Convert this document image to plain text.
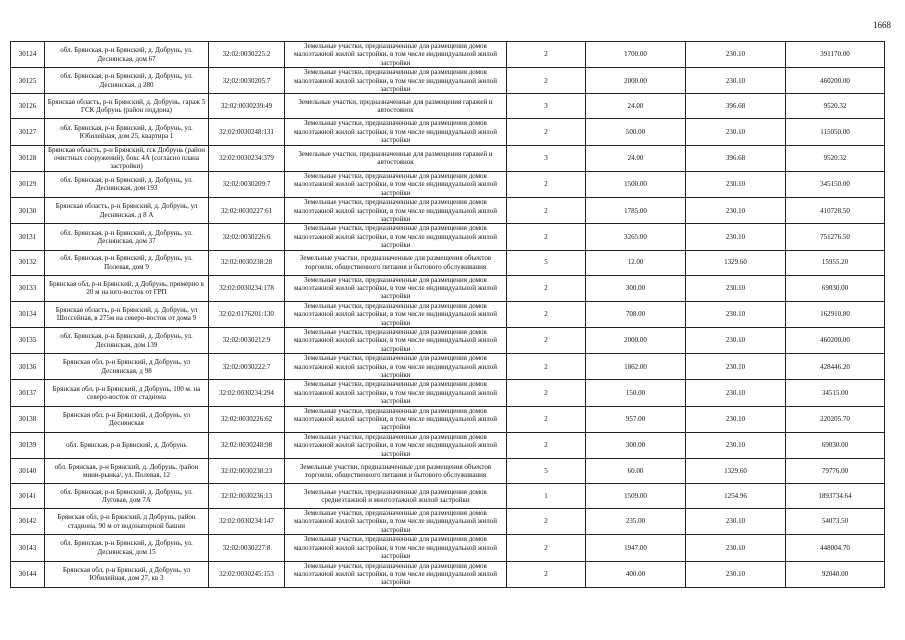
1668
30124	обл. Брянская, р-н Брянский, д. Добрунь, ул. Деснянская, дом 67	32:02:0030225:2	Земельные участки, предназначенные для размещения домов малоэтажной жилой застройки, в том числе индивидуальной жилой застройки	2	1700.00	230.10	391170.00
30125	обл. Брянская, р-н Брянский, д. Добрунь, ул. Деснянская, д 280	32:02:0030205:7	Земельные участки, предназначенные для размещения домов малоэтажной жилой застройки, в том числе индивидуальной жилой застройки	2	2000.00	230.10	460200.00
30126	Брянская область, р-н Брянский, д. Добрунь, гараж 5 ГСК Добрунь (район поддона)	32:02:0030239:49	Земельные участки, предназначенные для размещения гаражей и автостоянок	3	24.00	396.68	9520.32
30127	обл. Брянская, р-н Брянский, д. Добрунь, ул. Юбилейная, дом 25, квартира 1	32:02:0030248:131	Земельные участки, предназначенные для размещения домов малоэтажной жилой застройки, в том числе индивидуальной жилой застройки	2	500.00	230.10	115050.00
30128	Брянская область, р-н Брянский, гск Добрунь (район очистных сооружений), бокс 4А (согласно плана застройки)	32:02:0030234:379	Земельные участки, предназначенные для размещения гаражей и автостоянок	3	24.00	396.68	9520.32
30129	обл. Брянская, р-н Брянский, д. Добрунь, ул. Деснянская, дом 193	32:02:0030209:7	Земельные участки, предназначенные для размещения домов малоэтажной жилой застройки, в том числе индивидуальной жилой застройки	2	1500.00	230.10	345150.00
30130	Брянская область, р-н Брянский, д. Добрунь, ул Деснянская, д 8 А	32:02:0030227:61	Земельные участки, предназначенные для размещения домов малоэтажной жилой застройки, в том числе индивидуальной жилой застройки	2	1785.00	230.10	410728.50
30131	обл. Брянская, р-н Брянский, д. Добрунь, ул. Деснянская, дом 37	32:02:0030226:6	Земельные участки, предназначенные для размещения домов малоэтажной жилой застройки, в том числе индивидуальной жилой застройки	2	3265.00	230.10	751276.50
30132	обл. Брянская, р-н Брянский, д. Добрунь, ул. Полевая, дом 9	32:02:0030238:28	Земельные участки, предназначенные для размещения объектов торговли, общественного питания и бытового обслуживания	5	12.00	1329.60	15955.20
30133	Брянская обл, р-н Брянский, д Добрунь, примерно в 20 м на юго-восток от ГРП	32:02:0030234:178	Земельные участки, предназначенные для размещения домов малоэтажной жилой застройки, в том числе индивидуальной жилой застройки	2	300.00	230.10	69030.00
30134	Брянская область, р-н Брянский, д. Добрунь, ул Шоссейная, в 275м на северо-восток от дома 9	32:02:0176201:130	Земельные участки, предназначенные для размещения домов малоэтажной жилой застройки, в том числе индивидуальной жилой застройки	2	708.00	230.10	162910.80
30135	обл. Брянская, р-н Брянский, д. Добрунь, ул. Деснянская, дом 139	32:02:0030212:9	Земельные участки, предназначенные для размещения домов малоэтажной жилой застройки, в том числе индивидуальной жилой застройки	2	2000.00	230.10	460200.00
30136	Брянская обл, р-н Брянский, д Добрунь, ул Деснянская, д 98	32:02:0030222:7	Земельные участки, предназначенные для размещения домов малоэтажной жилой застройки, в том числе индивидуальной жилой застройки	2	1862.00	230.10	428446.20
30137	Брянская обл, р-н Брянский, д Добрунь, 100 м. на северо-восток от стадиона	32:02:0030234:294	Земельные участки, предназначенные для размещения домов малоэтажной жилой застройки, в том числе индивидуальной жилой застройки	2	150.00	230.10	34515.00
30138	Брянская обл, р-н Брянский, д Добрунь, ул Деснянская	32:02:0030226:62	Земельные участки, предназначенные для размещения домов малоэтажной жилой застройки, в том числе индивидуальной жилой застройки	2	957.00	230.10	220205.70
30139	обл. Брянская, р-н Брянский, д. Добрунь	32:02:0030248:98	Земельные участки, предназначенные для размещения домов малоэтажной жилой застройки, в том числе индивидуальной жилой застройки	2	300.00	230.10	69030.00
30140	обл. Брянская, р-н Брянский, д. Добрунь, /район мини-рынка/, ул. Полевая, 12	32:02:0030238:23	Земельные участки, предназначенные для размещения объектов торговли, общественного питания и бытового обслуживания	5	60.00	1329.60	79776.00
30141	обл. Брянская, р-н Брянский, д. Добрунь, ул. Луговая, дом 7А	32:02:0030236:13	Земельные участки, предназначенные для размещения домов среднеэтажной и многоэтажной жилой застройки	1	1509.00	1254.96	1893734.64
30142	Брянская обл, р-н Брянский, д Добрунь, район стадиона, 90 м от водонапорной башни	32:02:0030234:147	Земельные участки, предназначенные для размещения домов малоэтажной жилой застройки, в том числе индивидуальной жилой застройки	2	235.00	230.10	54073.50
30143	обл. Брянская, р-н Брянский, д. Добрунь, ул. Деснянская, дом 15	32:02:0030227:8	Земельные участки, предназначенные для размещения домов малоэтажной жилой застройки, в том числе индивидуальной жилой застройки	2	1947.00	230.10	448004.70
30144	Брянская обл, р-н Брянский, д Добрунь, ул Юбилейная, дом 27, кв 3	32:02:0030245:153	Земельные участки, предназначенные для размещения домов малоэтажной жилой застройки, в том числе индивидуальной жилой застройки	2	400.00	230.10	92040.00
